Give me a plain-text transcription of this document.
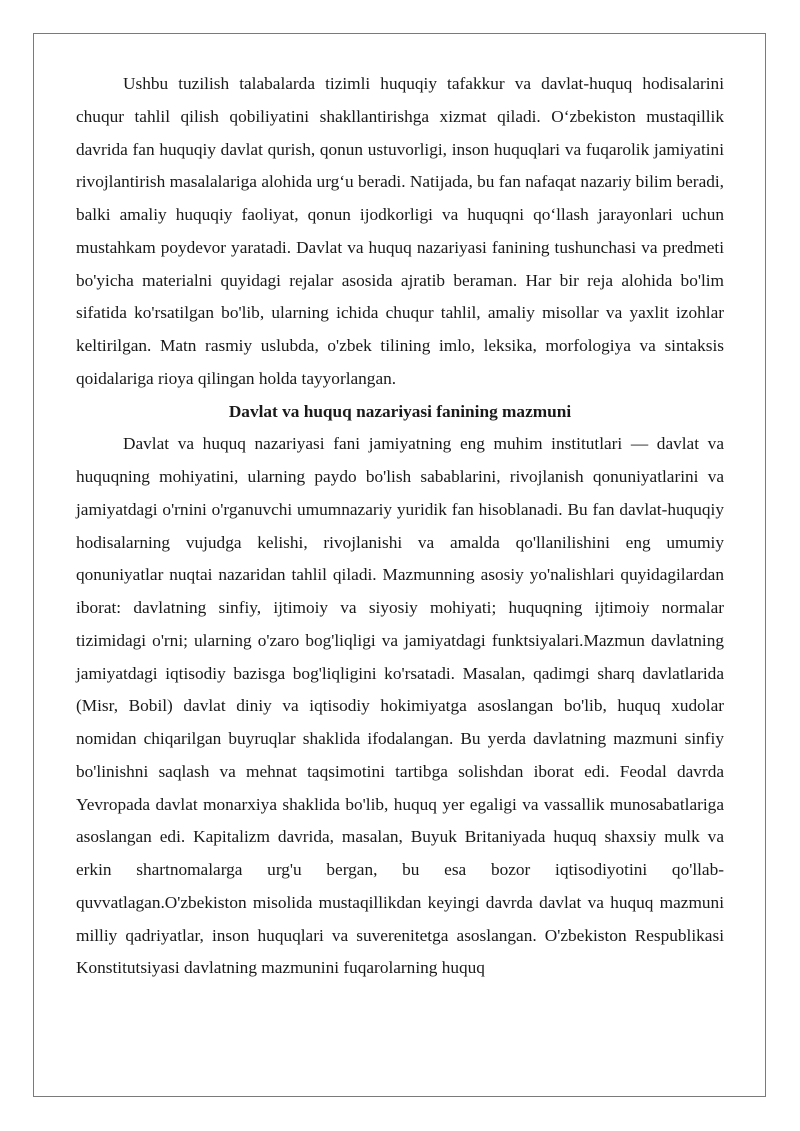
Ushbu tuzilish talabalarda tizimli huquqiy tafakkur va davlat-huquq hodisalarini chuqur tahlil qilish qobiliyatini shakllantirishga xizmat qiladi. O‘zbekiston mustaqillik davrida fan huquqiy davlat qurish, qonun ustuvorligi, inson huquqlari va fuqarolik jamiyatini rivojlantirish masalalariga alohida urg‘u beradi. Natijada, bu fan nafaqat nazariy bilim beradi, balki amaliy huquqiy faoliyat, qonun ijodkorligi va huquqni qo‘llash jarayonlari uchun mustahkam poydevor yaratadi. Davlat va huquq nazariyasi fanining tushunchasi va predmeti bo'yicha materialni quyidagi rejalar asosida ajratib beraman. Har bir reja alohida bo'lim sifatida ko'rsatilgan bo'lib, ularning ichida chuqur tahlil, amaliy misollar va yaxlit izohlar keltirilgan. Matn rasmiy uslubda, o'zbek tilining imlo, leksika, morfologiya va sintaksis qoidalariga rioya qilingan holda tayyorlangan.

Davlat va huquq nazariyasi fanining mazmuni

Davlat va huquq nazariyasi fani jamiyatning eng muhim institutlari — davlat va huquqning mohiyatini, ularning paydo bo'lish sabablarini, rivojlanish qonuniyatlarini va jamiyatdagi o'rnini o'rganuvchi umumnazariy yuridik fan hisoblanadi. Bu fan davlat-huquqiy hodisalarning vujudga kelishi, rivojlanishi va amalda qo'llanilishini eng umumiy qonuniyatlar nuqtai nazaridan tahlil qiladi. Mazmunning asosiy yo'nalishlari quyidagilardan iborat: davlatning sinfiy, ijtimoiy va siyosiy mohiyati; huquqning ijtimoiy normalar tizimidagi o'rni; ularning o'zaro bog'liqligi va jamiyatdagi funktsiyalari.Mazmun davlatning jamiyatdagi iqtisodiy bazisga bog'liqligini ko'rsatadi. Masalan, qadimgi sharq davlatlarida (Misr, Bobil) davlat diniy va iqtisodiy hokimiyatga asoslangan bo'lib, huquq xudolar nomidan chiqarilgan buyruqlar shaklida ifodalangan. Bu yerda davlatning mazmuni sinfiy bo'linishni saqlash va mehnat taqsimotini tartibga solishdan iborat edi. Feodal davrda Yevropada davlat monarxiya shaklida bo'lib, huquq yer egaligi va vassallik munosabatlariga asoslangan edi. Kapitalizm davrida, masalan, Buyuk Britaniyada huquq shaxsiy mulk va erkin shartnomalarga urg'u bergan, bu esa bozor iqtisodiyotini qo'llab-quvvatlagan.O'zbekiston misolida mustaqillikdan keyingi davrda davlat va huquq mazmuni milliy qadriyatlar, inson huquqlari va suverenitetga asoslangan. O'zbekiston Respublikasi Konstitutsiyasi davlatning mazmunini fuqarolarning huquq
